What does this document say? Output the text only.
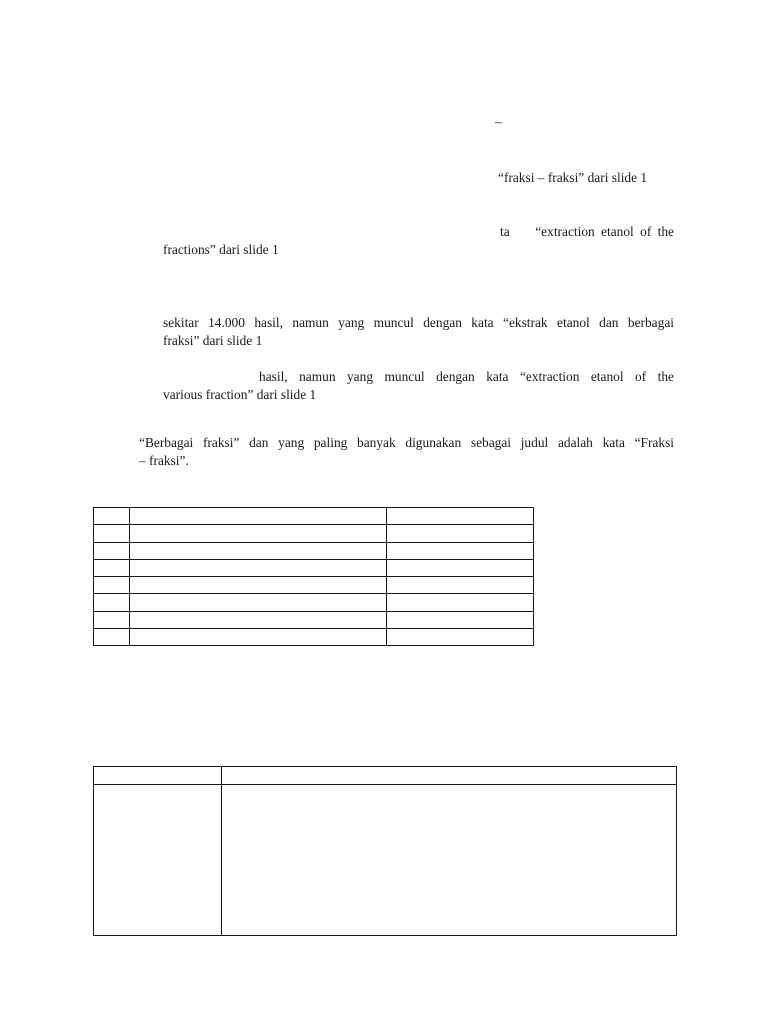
–
“fraksi – fraksi” dari slide 1
ta “extraction etanol of the
fractions” dari slide 1
sekitar 14.000 hasil, namun yang muncul dengan kata “ekstrak etanol dan berbagai
fraksi” dari slide 1
hasil, namun yang muncul dengan kata “extraction etanol of the
various fraction” dari slide 1
“Berbagai fraksi” dan yang paling banyak digunakan sebagai judul adalah kata “Fraksi
– fraksi”.
